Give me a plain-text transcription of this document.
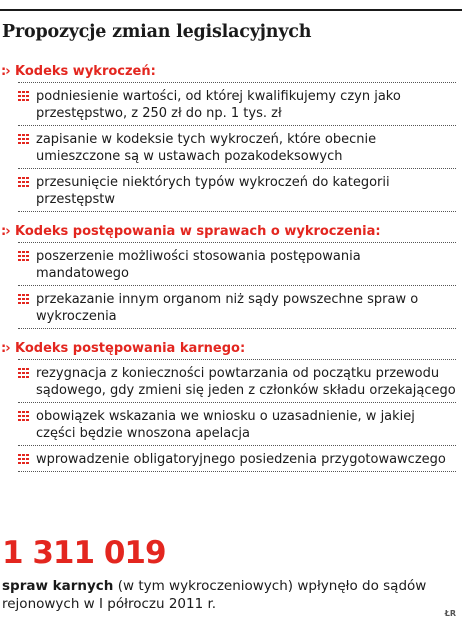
Propozycje zmian legislacyjnych
:› Kodeks wykroczeń:
podniesienie wartości, od której kwalifikujemy czyn jako przestępstwo, z 250 zł do np. 1 tys. zł
zapisanie w kodeksie tych wykroczeń, które obecnie umieszczone są w ustawach pozakodeksowych
przesunięcie niektórych typów wykroczeń do kategorii przestępstw
:› Kodeks postępowania w sprawach o wykroczenia:
poszerzenie możliwości stosowania postępowania mandatowego
przekazanie innym organom niż sądy powszechne spraw o wykroczenia
:› Kodeks postępowania karnego:
rezygnacja z konieczności powtarzania od początku przewodu sądowego, gdy zmieni się jeden z członków składu orzekającego
obowiązek wskazania we wniosku o uzasadnienie, w jakiej części będzie wnoszona apelacja
wprowadzenie obligatoryjnego posiedzenia przygotowawczego
1 311 019
spraw karnych (w tym wykroczeniowych) wpłynęło do sądów rejonowych w I półroczu 2011 r.
ŁR
